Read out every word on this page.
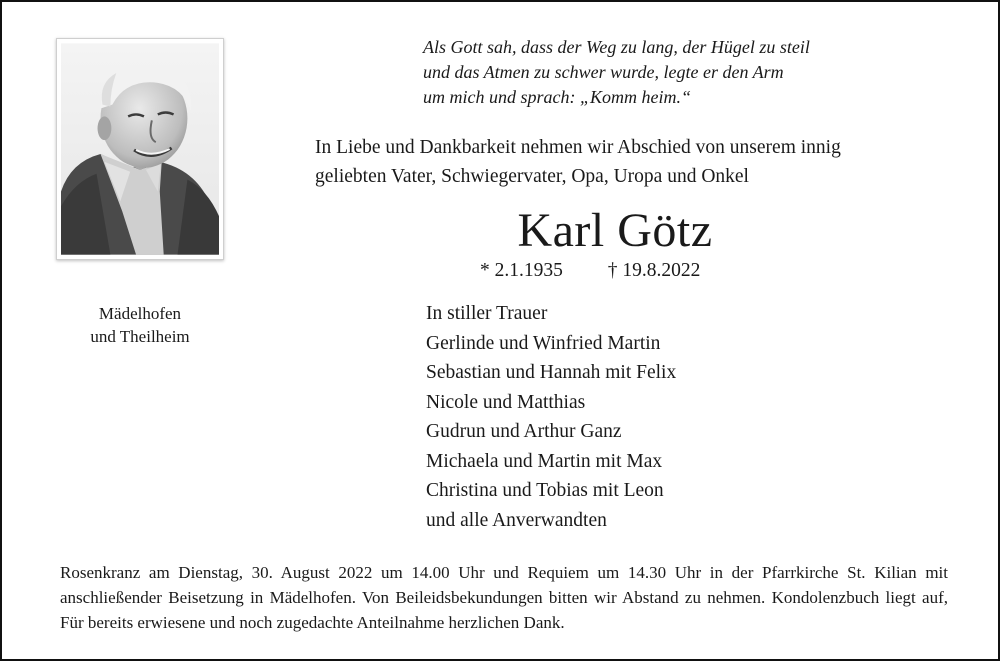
Mädelhofen
und Theilheim
Als Gott sah, dass der Weg zu lang, der Hügel zu steil
und das Atmen zu schwer wurde, legte er den Arm
um mich und sprach: „Komm heim.“
In Liebe und Dankbarkeit nehmen wir Abschied von unserem innig
geliebten Vater, Schwiegervater, Opa, Uropa und Onkel
Karl Götz
* 2.1.1935 † 19.8.2022
In stiller Trauer
Gerlinde und Winfried Martin
Sebastian und Hannah mit Felix
Nicole und Matthias
Gudrun und Arthur Ganz
Michaela und Martin mit Max
Christina und Tobias mit Leon
und alle Anverwandten
Rosenkranz am Dienstag, 30. August 2022 um 14.00 Uhr und Requiem um 14.30 Uhr in der Pfarrkirche St. Kilian mit anschließender Beisetzung in Mädelhofen. Von Beileidsbekundungen bitten wir Abstand zu nehmen. Kondolenzbuch liegt auf, Für bereits erwiesene und noch zugedachte Anteilnahme herzlichen Dank.
